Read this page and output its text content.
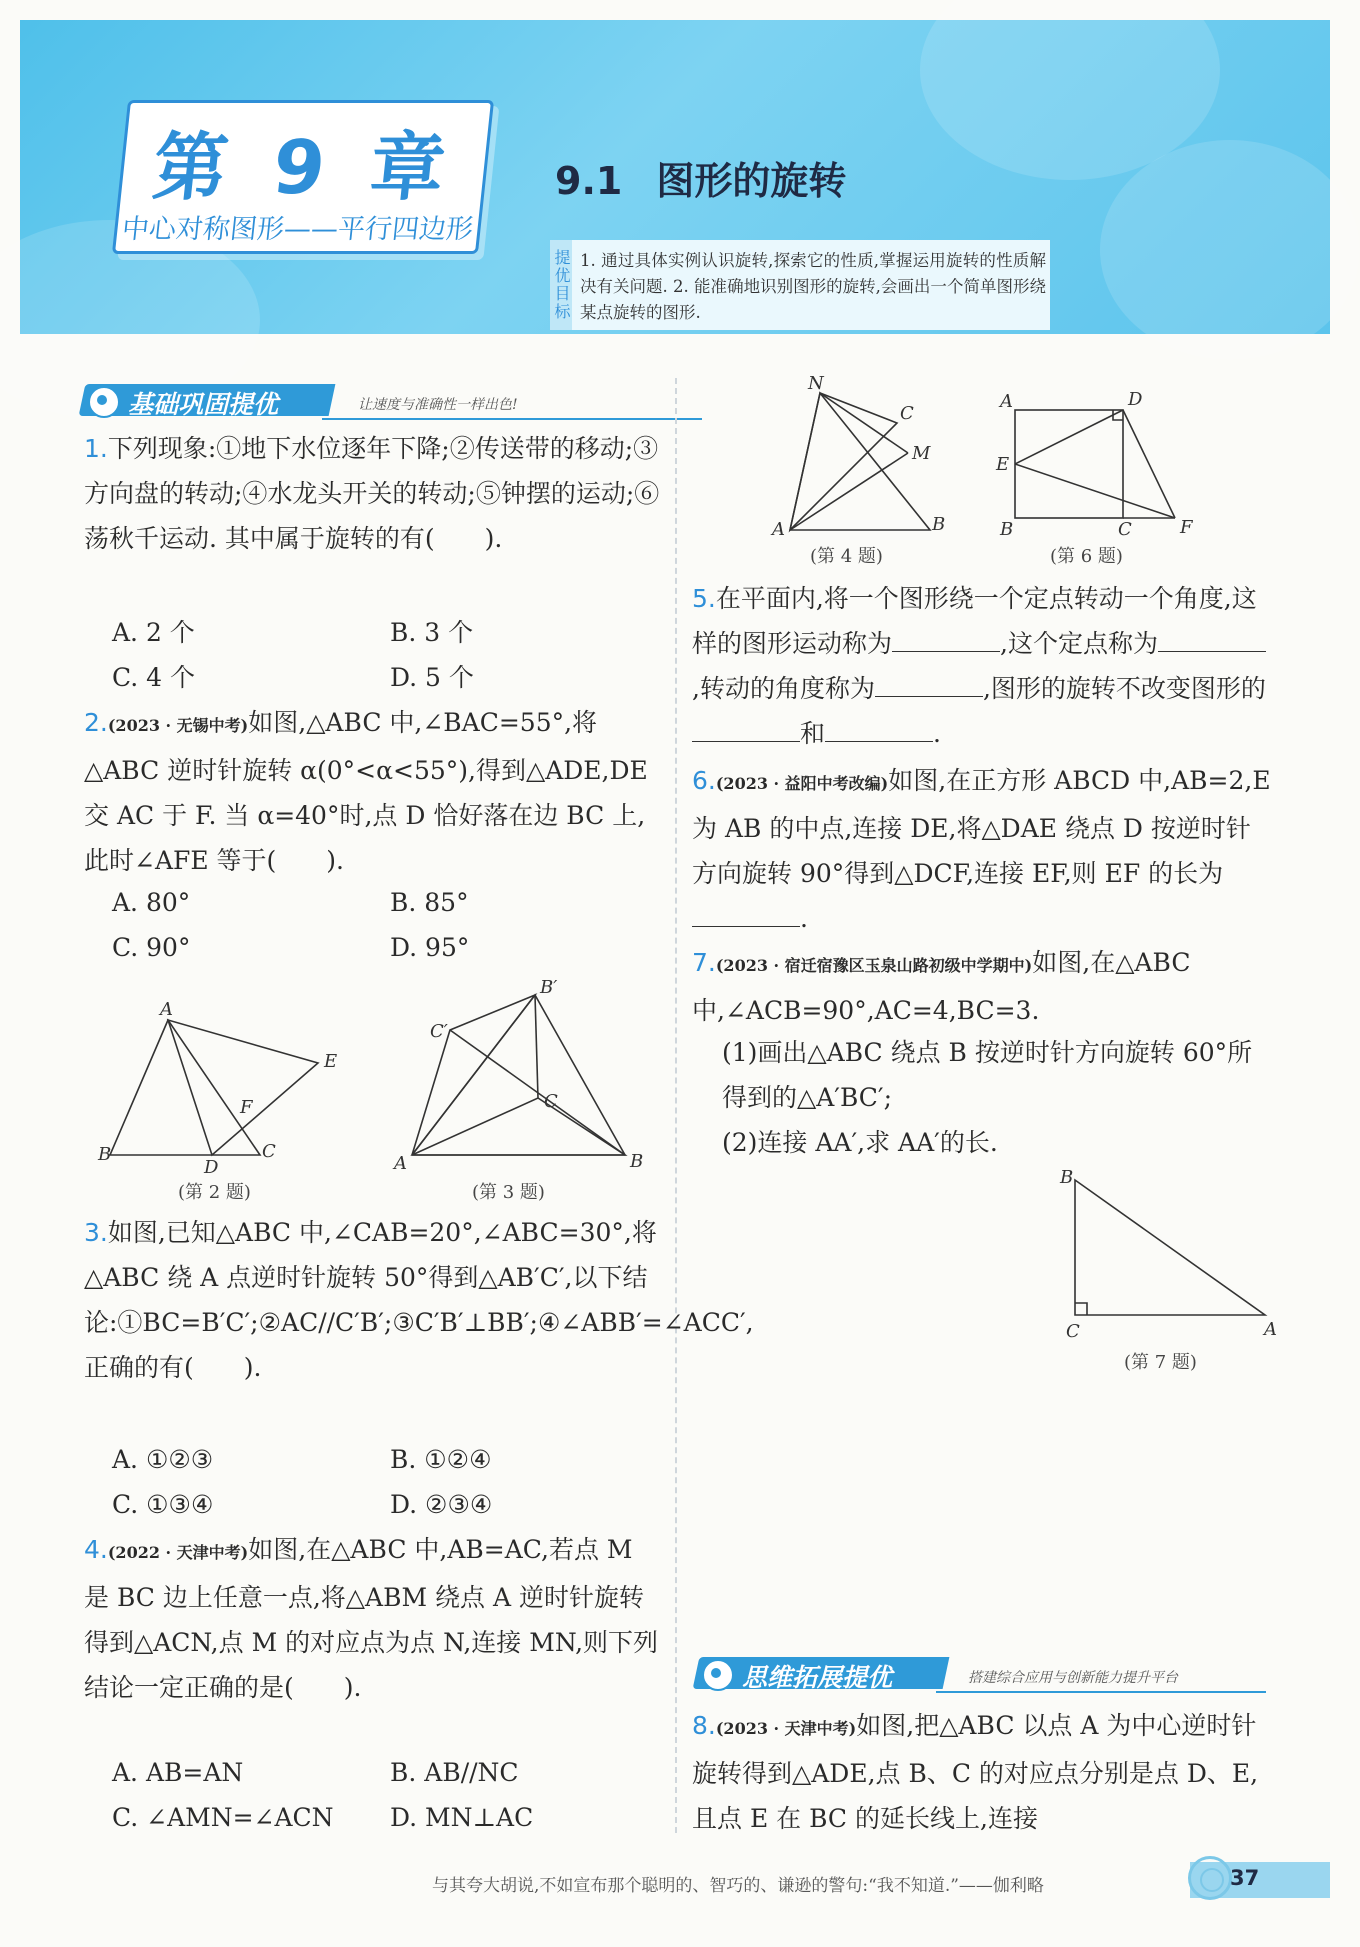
第 9 章
中心对称图形——平行四边形
9.1 图形的旋转
提优目标 1. 通过具体实例认识旋转,探索它的性质,掌握运用旋转的性质解决有关问题. 2. 能准确地识别图形的旋转,会画出一个简单图形绕某点旋转的图形.
基础巩固提优	让速度与准确性一样出色!
1.下列现象:①地下水位逐年下降;②传送带的移动;③方向盘的转动;④水龙头开关的转动;⑤钟摆的运动;⑥荡秋千运动. 其中属于旋转的有(　　).
A. 2 个	B. 3 个
C. 4 个	D. 5 个
2.(2023 · 无锡中考)如图,△ABC 中,∠BAC=55°,将△ABC 逆时针旋转 α(0°<α<55°),得到△ADE,DE 交 AC 于 F. 当 α=40°时,点 D 恰好落在边 BC 上,此时∠AFE 等于(　　).
A. 80°	B. 85°
C. 90°	D. 95°
A
B	C
D
E
F
(第 2 题)
B′
C′
C
A	B
(第 3 题)
3.如图,已知△ABC 中,∠CAB=20°,∠ABC=30°,将△ABC 绕 A 点逆时针旋转 50°得到△AB′C′,以下结论:①BC=B′C′;②AC//C′B′;③C′B′⊥BB′;④∠ABB′=∠ACC′,正确的有(　　).
A. ①②③	B. ①②④
C. ①③④	D. ②③④
4.(2022 · 天津中考)如图,在△ABC 中,AB=AC,若点 M 是 BC 边上任意一点,将△ABM 绕点 A 逆时针旋转得到△ACN,点 M 的对应点为点 N,连接 MN,则下列结论一定正确的是(　　).
A. AB=AN	B. AB//NC
C. ∠AMN=∠ACN D. MN⊥AC
N
C
M
A	B
(第 4 题)
A	D
E
B	C	F
(第 6 题)
5.在平面内,将一个图形绕一个定点转动一个角度,这样的图形运动称为	,这个定点称为,转动的角度称为	,图形的旋转不改变图形的和	.
6.(2023 · 益阳中考改编)如图,在正方形 ABCD 中,AB=2,E 为 AB 的中点,连接 DE,将△DAE 绕点 D 按逆时针方向旋转 90°得到△DCF,连接 EF,则 EF 的长为.
7.(2023 · 宿迁宿豫区玉泉山路初级中学期中)如图,在△ABC 中,∠ACB=90°,AC=4,BC=3.
(1)画出△ABC 绕点 B 按逆时针方向旋转 60°所得到的△A′BC′;
(2)连接 AA′,求 AA′的长.
B
C	A
(第 7 题)
思维拓展提优	搭建综合应用与创新能力提升平台
8.(2023 · 天津中考)如图,把△ABC 以点 A 为中心逆时针旋转得到△ADE,点 B、C 的对应点分别是点 D、E,且点 E 在 BC 的延长线上,连接
与其夸大胡说,不如宣布那个聪明的、智巧的、谦逊的警句:“我不知道.”——伽利略	37
